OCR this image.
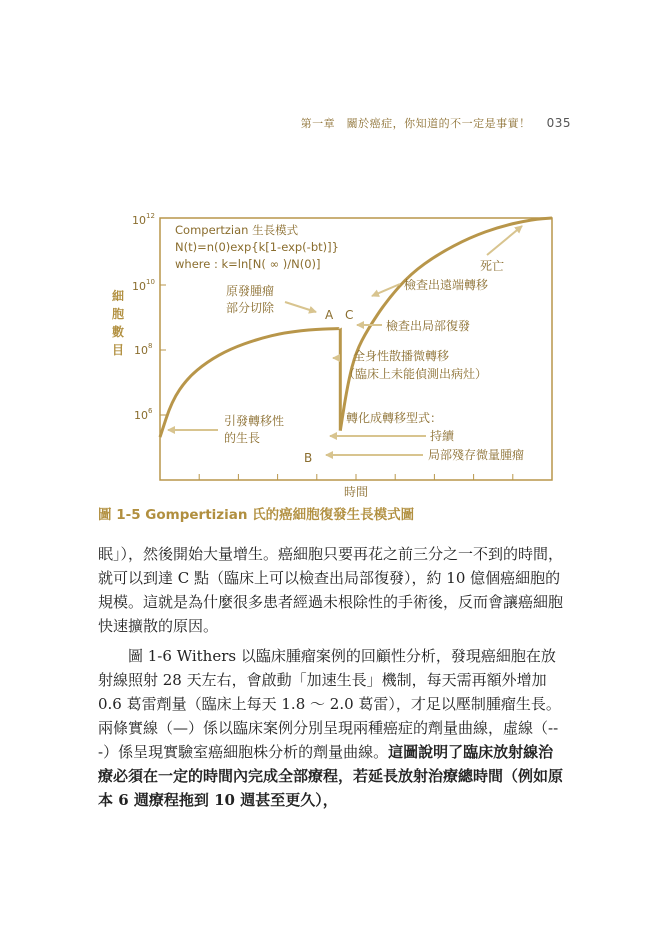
第一章　關於癌症，你知道的不一定是事實！ 035
$10^{12}$
$10^{10}$
$10^8$
$10^6$
細胞數目
時間
Compertzian 生長模式
N(t)=n(0)exp{k[1-exp(-bt)]}
where : k=ln[N( ∞ )/N(0)]
原發腫瘤
部分切除
死亡
檢查出遠端轉移
檢查出局部復發
全身性散播微轉移
（臨床上未能偵測出病灶）
引發轉移性
的生長
轉化成轉移型式：
持續
局部殘存微量腫瘤
A C
B
圖 1-5 Gompertizian 氏的癌細胞復發生長模式圖

眠」），然後開始大量增生。癌細胞只要再花之前三分之一不到的時間，就可以到達 C 點（臨床上可以檢查出局部復發），約 10 億個癌細胞的規模。這就是為什麼很多患者經過未根除性的手術後，反而會讓癌細胞快速擴散的原因。

圖 1-6 Withers 以臨床腫瘤案例的回顧性分析，發現癌細胞在放射線照射 28 天左右，會啟動「加速生長」機制，每天需再額外增加 0.6 葛雷劑量（臨床上每天 1.8 ～ 2.0 葛雷），才足以壓制腫瘤生長。兩條實線（—）係以臨床案例分別呈現兩種癌症的劑量曲線，虛線（---）係呈現實驗室癌細胞株分析的劑量曲線。這圖說明了臨床放射線治療必須在一定的時間內完成全部療程，若延長放射治療總時間（例如原本 6 週療程拖到 10 週甚至更久），
